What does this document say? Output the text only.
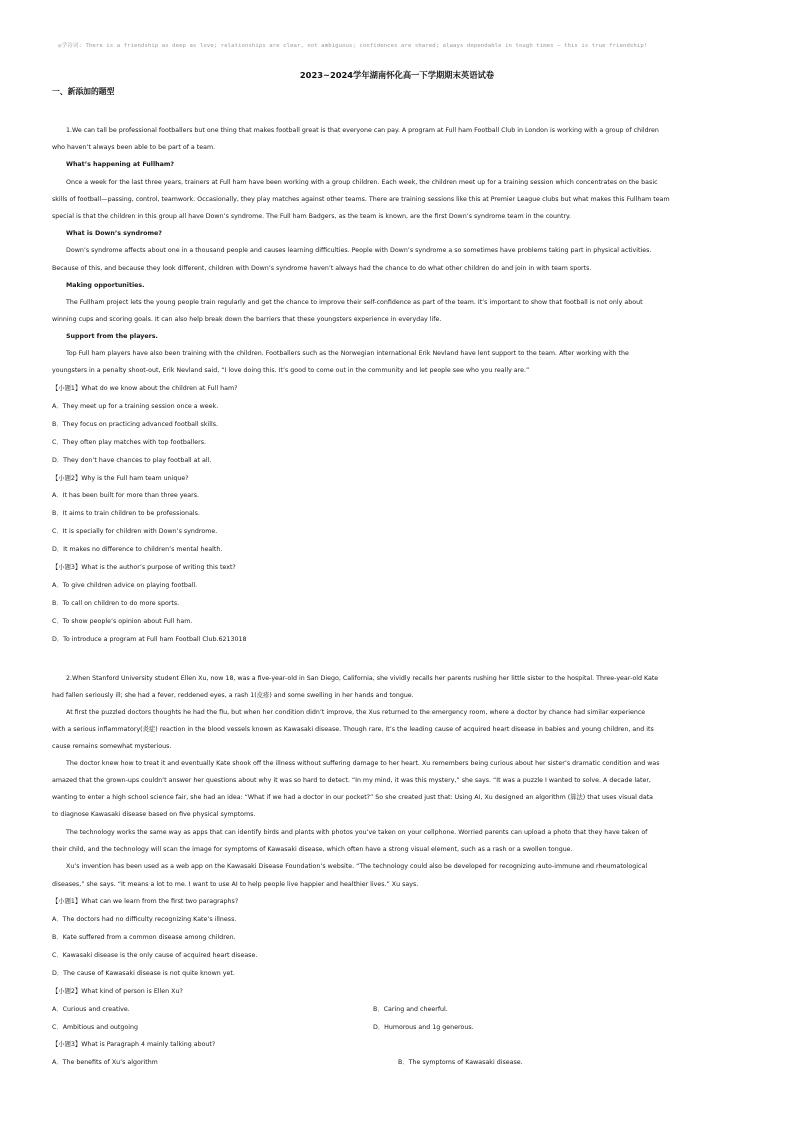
◎学诗词: There is a friendship as deep as love; relationships are clear, not ambiguous; confidences are shared; always dependable in tough times — this is true friendship!
2023~2024学年湖南怀化高一下学期期末英语试卷
一、新添加的题型
1.We can tall be professional footballers but one thing that makes football great is that everyone can pay. A program at Full ham Football Club in London is working with a group of children
who haven’t always been able to be part of a team.
What’s happening at Fullham?
Once a week for the last three years, trainers at Full ham have been working with a group children. Each week, the children meet up for a training session which concentrates on the basic
skills of football—passing, control, teamwork. Occasionally, they play matches against other teams. There are training sessions like this at Premier League clubs but what makes this Fullham team
special is that the children in this group all have Down’s syndrome. The Full ham Badgers, as the team is known, are the first Down’s syndrome team in the country.
What is Down’s syndrome?
Down’s syndrome affects about one in a thousand people and causes learning difficulties. People with Down’s syndrome a so sometimes have problems taking part in physical activities.
Because of this, and because they look different, children with Down’s syndrome haven’t always had the chance to do what other children do and join in with team sports.
Making opportunities.
The Fullham project lets the young people train regularly and get the chance to improve their self-confidence as part of the team. It’s important to show that football is not only about
winning cups and scoring goals. It can also help break down the barriers that these youngsters experience in everyday life.
Support from the players.
Top Full ham players have also been training with the children. Footballers such as the Norwegian international Erik Nevland have lent support to the team. After working with the
youngsters in a penalty shoot-out, Erik Nevland said, “I love doing this. It’s good to come out in the community and let people see who you really are.”
【小题1】What do we know about the children at Full ham?
A．They meet up for a training session once a week.
B．They focus on practicing advanced football skills.
C．They often play matches with top footballers.
D．They don’t have chances to play football at all.
【小题2】Why is the Full ham team unique?
A．It has been built for more than three years.
B．It aims to train children to be professionals.
C．It is specially for children with Down’s syndrome.
D．It makes no difference to children’s mental health.
【小题3】What is the author’s purpose of writing this text?
A．To give children advice on playing football.
B．To call on children to do more sports.
C．To show people’s opinion about Full ham.
D．To introduce a program at Full ham Football Club.6213018
2.When Stanford University student Ellen Xu, now 18, was a five-year-old in San Diego, California, she vividly recalls her parents rushing her little sister to the hospital. Three-year-old Kate
had fallen seriously ill; she had a fever, reddened eyes, a rash 1(皮疹) and some swelling in her hands and tongue.
At first the puzzled doctors thoughts he had the flu, but when her condition didn’t improve, the Xus returned to the emergency room, where a doctor by chance had similar experience
with a serious inflammatory(炎症) reaction in the blood vessels known as Kawasaki disease. Though rare, it’s the leading cause of acquired heart disease in babies and young children, and its
cause remains somewhat mysterious.
The doctor knew how to treat it and eventually Kate shook off the illness without suffering damage to her heart. Xu remembers being curious about her sister’s dramatic condition and was
amazed that the grown-ups couldn’t answer her questions about why it was so hard to detect. “In my mind, it was this mystery,” she says. “It was a puzzle I wanted to solve. A decade later,
wanting to enter a high school science fair, she had an idea: “What if we had a doctor in our pocket?” So she created just that: Using AI, Xu designed an algorithm (算法) that uses visual data
to diagnose Kawasaki disease based on five physical symptoms.
The technology works the same way as apps that can identify birds and plants with photos you’ve taken on your cellphone. Worried parents can upload a photo that they have taken of
their child, and the technology will scan the image for symptoms of Kawasaki disease, which often have a strong visual element, such as a rash or a swollen tongue.
Xu’s invention has been used as a web app on the Kawasaki Disease Foundation’s website. “The technology could also be developed for recognizing auto-immune and rheumatological
diseases,” she says. “It means a lot to me. I want to use AI to help people live happier and healthier lives.” Xu says.
【小题1】What can we learn from the first two paragraphs?
A．The doctors had no difficulty recognizing Kate’s illness.
B．Kate suffered from a common disease among children.
C．Kawasaki disease is the only cause of acquired heart disease.
D．The cause of Kawasaki disease is not quite known yet.
【小题2】What kind of person is Ellen Xu?
A．Curious and creative.	B．Caring and cheerful.
C．Ambitious and outgoing	D．Humorous and 1g generous.
【小题3】What is Paragraph 4 mainly talking about?
A．The benefits of Xu’s algorithm	B．The symptoms of Kawasaki disease.
